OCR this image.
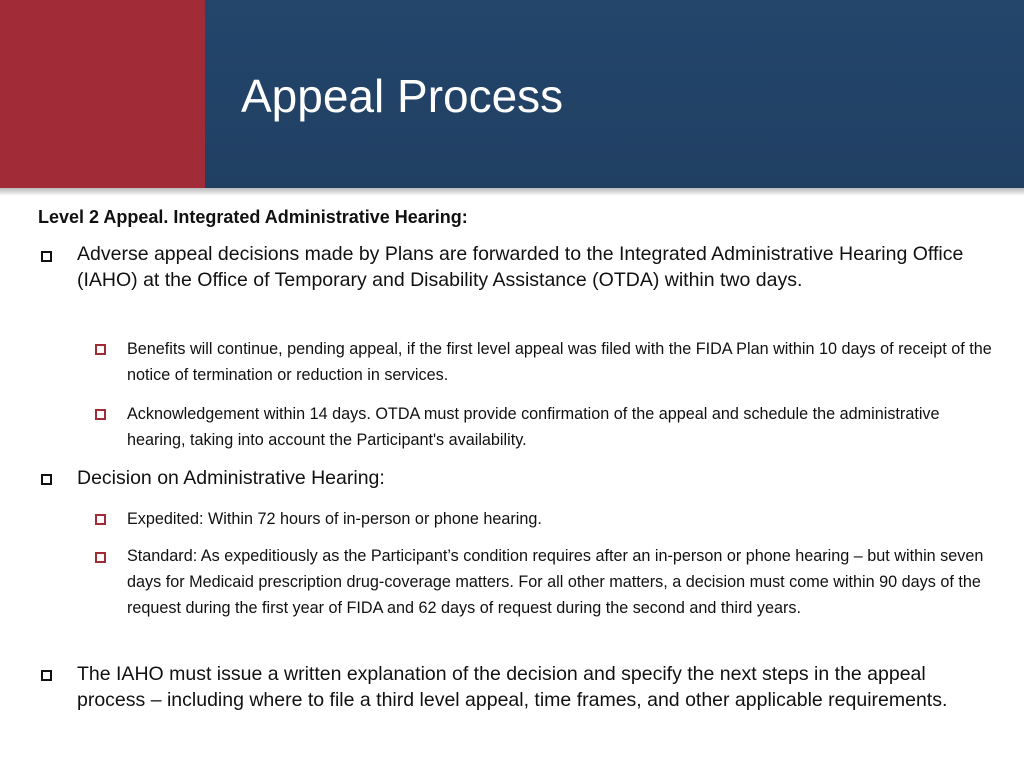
Appeal Process
Level 2 Appeal. Integrated Administrative Hearing:
Adverse appeal decisions made by Plans are forwarded to the Integrated Administrative Hearing Office (IAHO) at the Office of Temporary and Disability Assistance (OTDA) within two days.
Benefits will continue, pending appeal, if the first level appeal was filed with the FIDA Plan within 10 days of receipt of the notice of termination or reduction in services.
Acknowledgement within 14 days. OTDA must provide confirmation of the appeal and schedule the administrative hearing, taking into account the Participant's availability.
Decision on Administrative Hearing:
Expedited: Within 72 hours of in-person or phone hearing.
Standard: As expeditiously as the Participant’s condition requires after an in-person or phone hearing – but within seven days for Medicaid prescription drug-coverage matters. For all other matters, a decision must come within 90 days of the request during the first year of FIDA and 62 days of request during the second and third years.
The IAHO must issue a written explanation of the decision and specify the next steps in the appeal process – including where to file a third level appeal, time frames, and other applicable requirements.
